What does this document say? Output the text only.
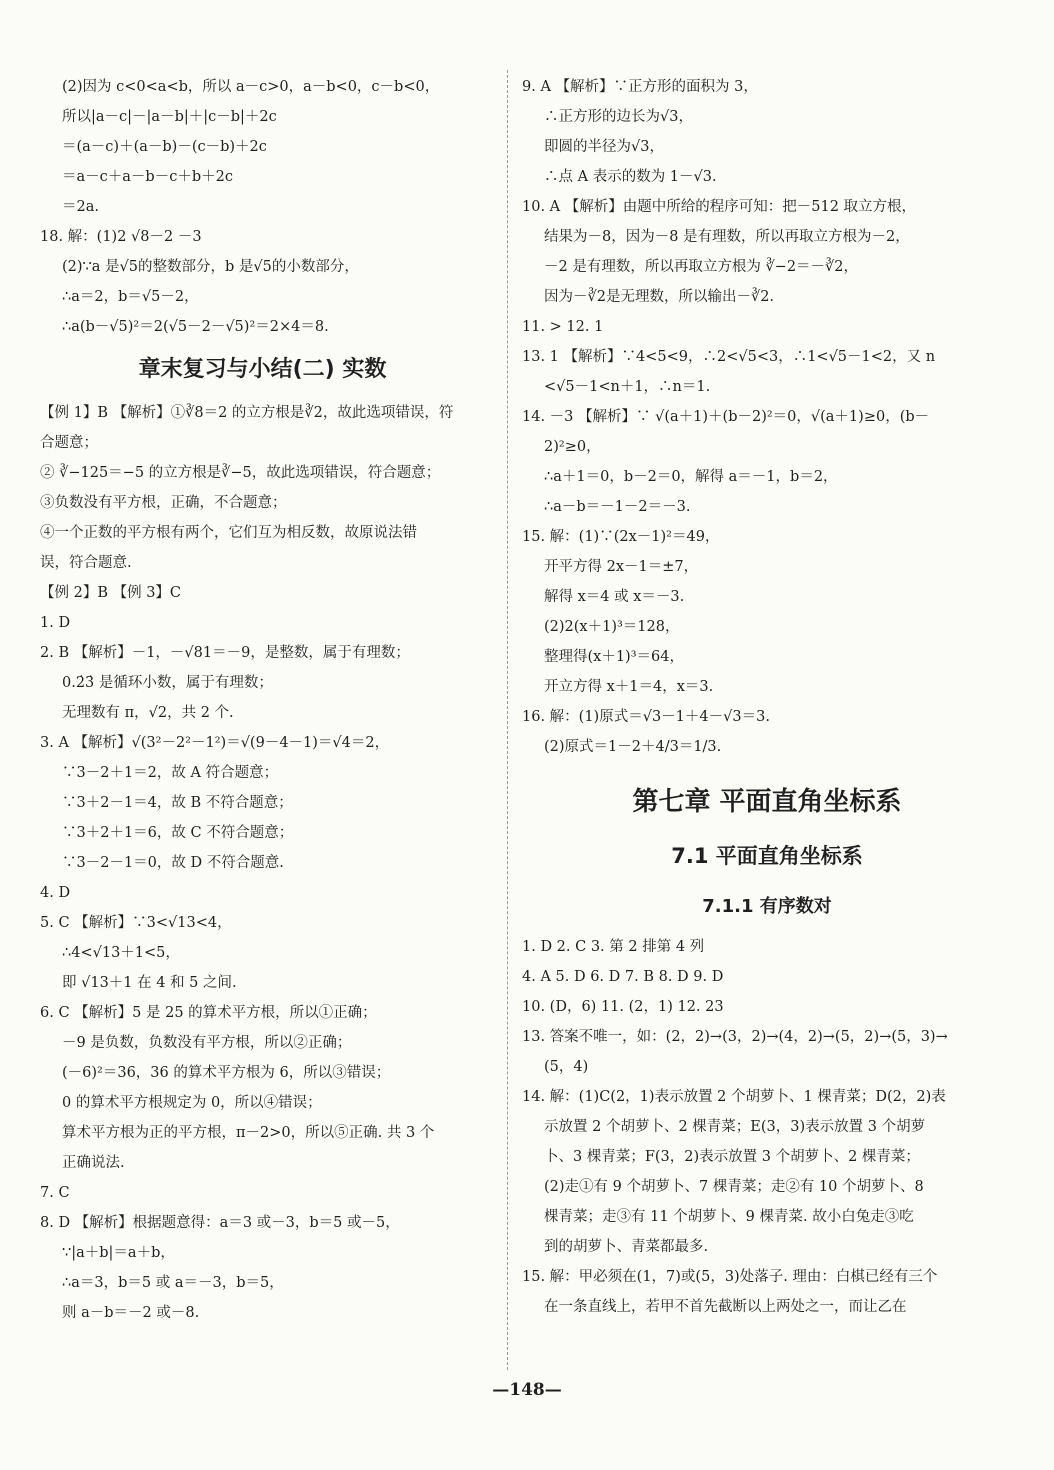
(2)因为 c<0<a<b，所以 a－c>0，a－b<0，c－b<0，
所以|a－c|－|a－b|＋|c－b|＋2c
＝(a－c)＋(a－b)－(c－b)＋2c
＝a－c＋a－b－c＋b＋2c
＝2a.
18. 解：(1)2 √8－2 －3
(2)∵a 是√5的整数部分，b 是√5的小数部分，
∴a＝2，b＝√5－2，
∴a(b－√5)²＝2(√5－2－√5)²＝2×4＝8.
章末复习与小结(二) 实数
【例 1】B 【解析】①∛8＝2 的立方根是∛2，故此选项错误，符
合题意；
② ∛−125＝−5 的立方根是∛−5，故此选项错误，符合题意；
③负数没有平方根，正确，不合题意；
④一个正数的平方根有两个，它们互为相反数，故原说法错
误，符合题意.
【例 2】B 【例 3】C
1. D
2. B 【解析】－1，－√81＝－9，是整数，属于有理数；
0.2̇3̇ 是循环小数，属于有理数；
无理数有 π，√2，共 2 个.
3. A 【解析】√(3²－2²－1²)＝√(9－4－1)＝√4＝2，
∵3－2＋1＝2，故 A 符合题意；
∵3＋2－1＝4，故 B 不符合题意；
∵3＋2＋1＝6，故 C 不符合题意；
∵3－2－1＝0，故 D 不符合题意.
4. D
5. C 【解析】∵3<√13<4，
∴4<√13＋1<5，
即 √13＋1 在 4 和 5 之间.
6. C 【解析】5 是 25 的算术平方根，所以①正确；
－9 是负数，负数没有平方根，所以②正确；
(－6)²＝36，36 的算术平方根为 6，所以③错误；
0 的算术平方根规定为 0，所以④错误；
算术平方根为正的平方根，π－2>0，所以⑤正确. 共 3 个
正确说法.
7. C
8. D 【解析】根据题意得：a＝3 或－3，b＝5 或－5，
∵|a＋b|＝a＋b，
∴a＝3，b＝5 或 a＝－3，b＝5，
则 a－b＝－2 或－8.
9. A 【解析】∵正方形的面积为 3，
∴正方形的边长为√3，
即圆的半径为√3，
∴点 A 表示的数为 1－√3.
10. A 【解析】由题中所给的程序可知：把－512 取立方根，
结果为－8，因为－8 是有理数，所以再取立方根为－2，
－2 是有理数，所以再取立方根为 ∛−2＝－∛2，
因为－∛2是无理数，所以输出－∛2.
11. > 12. 1
13. 1 【解析】∵4<5<9，∴2<√5<3，∴1<√5－1<2，又 n
<√5－1<n＋1，∴n＝1.
14. －3 【解析】∵ √(a＋1)＋(b－2)²＝0，√(a＋1)≥0，(b－
2)²≥0，
∴a＋1＝0，b－2＝0，解得 a＝－1，b＝2，
∴a－b＝－1－2＝－3.
15. 解：(1)∵(2x－1)²＝49，
开平方得 2x－1＝±7，
解得 x＝4 或 x＝－3.
(2)2(x＋1)³＝128，
整理得(x＋1)³＝64，
开立方得 x＋1＝4，x＝3.
16. 解：(1)原式＝√3－1＋4－√3＝3.
(2)原式＝1－2＋4/3＝1/3.
第七章 平面直角坐标系
7.1 平面直角坐标系
7.1.1 有序数对
1. D 2. C 3. 第 2 排第 4 列
4. A 5. D 6. D 7. B 8. D 9. D
10. (D，6) 11. (2，1) 12. 23
13. 答案不唯一，如：(2，2)→(3，2)→(4，2)→(5，2)→(5，3)→
(5，4)
14. 解：(1)C(2，1)表示放置 2 个胡萝卜、1 棵青菜；D(2，2)表
示放置 2 个胡萝卜、2 棵青菜；E(3，3)表示放置 3 个胡萝
卜、3 棵青菜；F(3，2)表示放置 3 个胡萝卜、2 棵青菜；
(2)走①有 9 个胡萝卜、7 棵青菜；走②有 10 个胡萝卜、8
棵青菜；走③有 11 个胡萝卜、9 棵青菜. 故小白兔走③吃
到的胡萝卜、青菜都最多.
15. 解：甲必须在(1，7)或(5，3)处落子. 理由：白棋已经有三个
在一条直线上，若甲不首先截断以上两处之一，而让乙在
—148—
